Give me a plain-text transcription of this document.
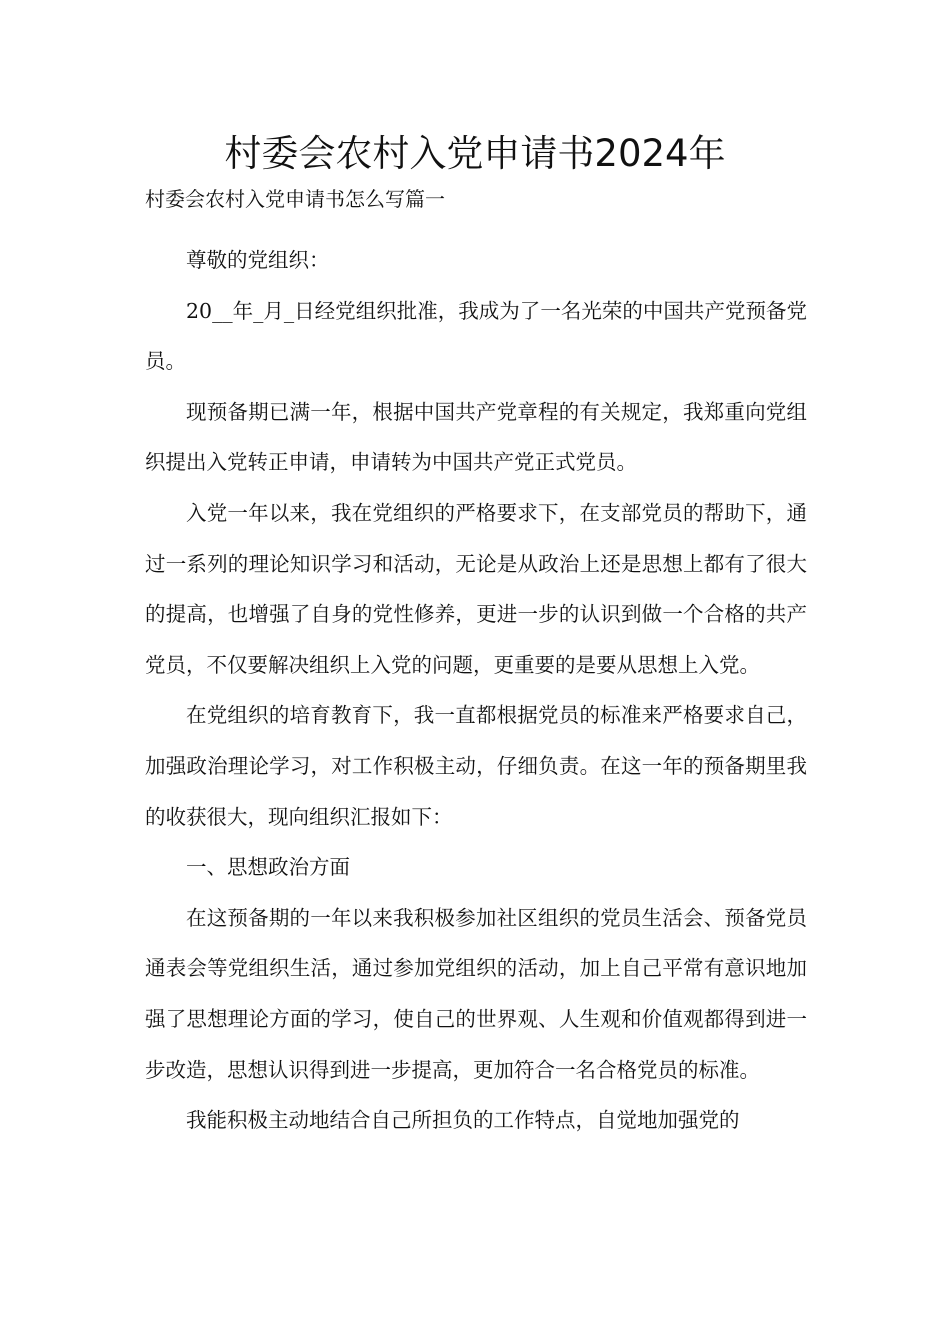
村委会农村入党申请书2024年

村委会农村入党申请书怎么写篇一

尊敬的党组织：

20__年_月_日经党组织批准，我成为了一名光荣的中国共产党预备党员。

现预备期已满一年，根据中国共产党章程的有关规定，我郑重向党组织提出入党转正申请，申请转为中国共产党正式党员。

入党一年以来，我在党组织的严格要求下，在支部党员的帮助下，通过一系列的理论知识学习和活动，无论是从政治上还是思想上都有了很大的提高，也增强了自身的党性修养，更进一步的认识到做一个合格的共产党员，不仅要解决组织上入党的问题，更重要的是要从思想上入党。

在党组织的培育教育下，我一直都根据党员的标准来严格要求自己，加强政治理论学习，对工作积极主动，仔细负责。在这一年的预备期里我的收获很大，现向组织汇报如下：

一、思想政治方面

在这预备期的一年以来我积极参加社区组织的党员生活会、预备党员通表会等党组织生活，通过参加党组织的活动，加上自己平常有意识地加强了思想理论方面的学习，使自己的世界观、人生观和价值观都得到进一步改造，思想认识得到进一步提高，更加符合一名合格党员的标准。

我能积极主动地结合自己所担负的工作特点，自觉地加强党的
